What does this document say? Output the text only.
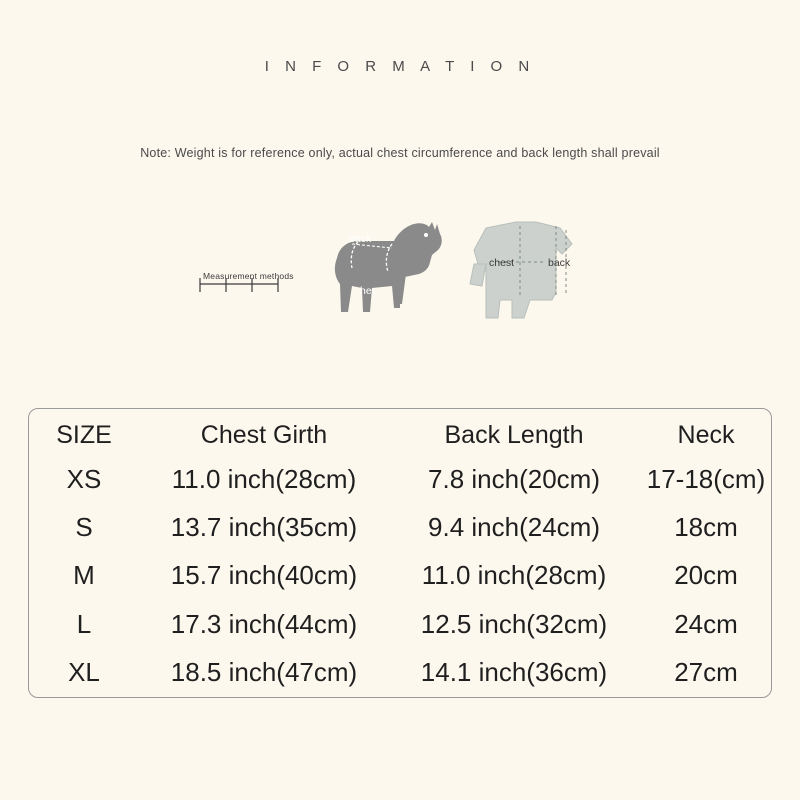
I N F O R M A T I O N
Note: Weight is for reference only, actual chest circumference and back length shall prevail
back
hes
chest	back
Measurement methods
SIZE	Chest Girth	Back Length	Neck
XS	11.0 inch(28cm)	7.8 inch(20cm)	17-18(cm)
S	13.7 inch(35cm)	9.4 inch(24cm)	18cm
M	15.7 inch(40cm)	11.0 inch(28cm)	20cm
L	17.3 inch(44cm)	12.5 inch(32cm)	24cm
XL	18.5 inch(47cm)	14.1 inch(36cm)	27cm
